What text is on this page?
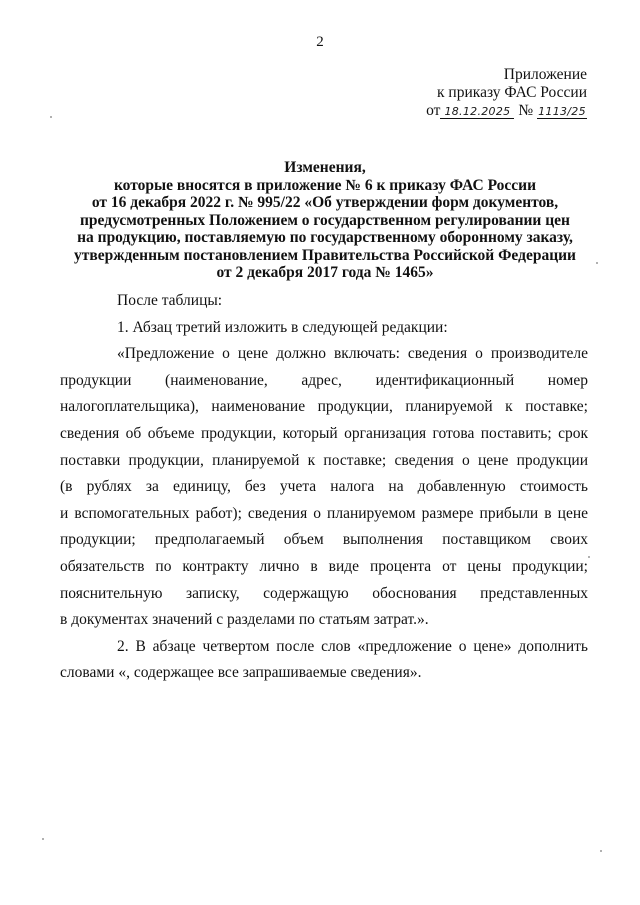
2
Приложение
к приказу ФАС России
от 18.12.2025 № 1113/25
Изменения,
которые вносятся в приложение № 6 к приказу ФАС России
от 16 декабря 2022 г. № 995/22 «Об утверждении форм документов,
предусмотренных Положением о государственном регулировании цен
на продукцию, поставляемую по государственному оборонному заказу,
утвержденным постановлением Правительства Российской Федерации
от 2 декабря 2017 года № 1465»

После таблицы:

1. Абзац третий изложить в следующей редакции:

«Предложение о цене должно включать: сведения о производителе
продукции (наименование, адрес, идентификационный номер
налогоплательщика), наименование продукции, планируемой к поставке;
сведения об объеме продукции, который организация готова поставить; срок
поставки продукции, планируемой к поставке; сведения о цене продукции
(в рублях за единицу, без учета налога на добавленную стоимость
и вспомогательных работ); сведения о планируемом размере прибыли в цене
продукции; предполагаемый объем выполнения поставщиком своих
обязательств по контракту лично в виде процента от цены продукции;
пояснительную записку, содержащую обоснования представленных
в документах значений с разделами по статьям затрат.».
2. В абзаце четвертом после слов «предложение о цене» дополнить
словами «, содержащее все запрашиваемые сведения».
